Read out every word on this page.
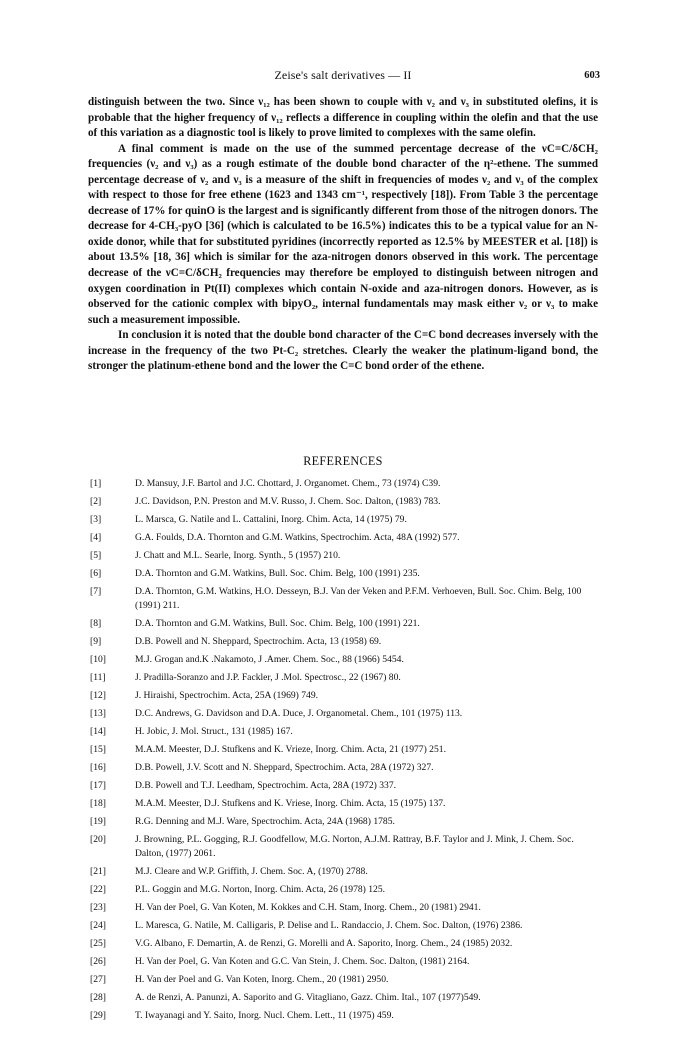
Zeise's salt derivatives — II	603

distinguish between the two. Since ν₁₂ has been shown to couple with ν₂ and ν₃ in substituted olefins, it is probable that the higher frequency of ν₁₂ reflects a difference in coupling within the olefin and that the use of this variation as a diagnostic tool is likely to prove limited to complexes with the same olefin.

A final comment is made on the use of the summed percentage decrease of the νC=C/δCH₂ frequencies (ν₂ and ν₃) as a rough estimate of the double bond character of the η²-ethene. The summed percentage decrease of ν₂ and ν₃ is a measure of the shift in frequencies of modes ν₂ and ν₃ of the complex with respect to those for free ethene (1623 and 1343 cm⁻¹, respectively [18]). From Table 3 the percentage decrease of 17% for quinO is the largest and is significantly different from those of the nitrogen donors. The decrease for 4-CH₃-pyO [36] (which is calculated to be 16.5%) indicates this to be a typical value for an N-oxide donor, while that for substituted pyridines (incorrectly reported as 12.5% by MEESTER et al. [18]) is about 13.5% [18, 36] which is similar for the aza-nitrogen donors observed in this work. The percentage decrease of the νC=C/δCH₂ frequencies may therefore be employed to distinguish between nitrogen and oxygen coordination in Pt(II) complexes which contain N-oxide and aza-nitrogen donors. However, as is observed for the cationic complex with bipyO₂, internal fundamentals may mask either ν₂ or ν₃ to make such a measurement impossible.

In conclusion it is noted that the double bond character of the C=C bond decreases inversely with the increase in the frequency of the two Pt-C₂ stretches. Clearly the weaker the platinum-ligand bond, the stronger the platinum-ethene bond and the lower the C=C bond order of the ethene.

REFERENCES
[1]	D. Mansuy, J.F. Bartol and J.C. Chottard, J. Organomet. Chem., 73 (1974) C39.
[2]	J.C. Davidson, P.N. Preston and M.V. Russo, J. Chem. Soc. Dalton, (1983) 783.
[3]	L. Marsca, G. Natile and L. Cattalini, Inorg. Chim. Acta, 14 (1975) 79.
[4]	G.A. Foulds, D.A. Thornton and G.M. Watkins, Spectrochim. Acta, 48A (1992) 577.
[5]	J. Chatt and M.L. Searle, Inorg. Synth., 5 (1957) 210.
[6]	D.A. Thornton and G.M. Watkins, Bull. Soc. Chim. Belg, 100 (1991) 235.
[7]	D.A. Thornton, G.M. Watkins, H.O. Desseyn, B.J. Van der Veken and P.F.M. Verhoeven, Bull. Soc. Chim. Belg, 100 (1991) 211.
[8]	D.A. Thornton and G.M. Watkins, Bull. Soc. Chim. Belg, 100 (1991) 221.
[9]	D.B. Powell and N. Sheppard, Spectrochim. Acta, 13 (1958) 69.
[10]	M.J. Grogan and.K .Nakamoto, J .Amer. Chem. Soc., 88 (1966) 5454.
[11]	J. Pradilla-Soranzo and J.P. Fackler, J .Mol. Spectrosc., 22 (1967) 80.
[12]	J. Hiraishi, Spectrochim. Acta, 25A (1969) 749.
[13]	D.C. Andrews, G. Davidson and D.A. Duce, J. Organometal. Chem., 101 (1975) 113.
[14]	H. Jobic, J. Mol. Struct., 131 (1985) 167.
[15]	M.A.M. Meester, D.J. Stufkens and K. Vrieze, Inorg. Chim. Acta, 21 (1977) 251.
[16]	D.B. Powell, J.V. Scott and N. Sheppard, Spectrochim. Acta, 28A (1972) 327.
[17]	D.B. Powell and T.J. Leedham, Spectrochim. Acta, 28A (1972) 337.
[18]	M.A.M. Meester, D.J. Stufkens and K. Vriese, Inorg. Chim. Acta, 15 (1975) 137.
[19]	R.G. Denning and M.J. Ware, Spectrochim. Acta, 24A (1968) 1785.
[20]	J. Browning, P.L. Gogging, R.J. Goodfellow, M.G. Norton, A.J.M. Rattray, B.F. Taylor and J. Mink, J. Chem. Soc. Dalton, (1977) 2061.
[21]	M.J. Cleare and W.P. Griffith, J. Chem. Soc. A, (1970) 2788.
[22]	P.L. Goggin and M.G. Norton, Inorg. Chim. Acta, 26 (1978) 125.
[23]	H. Van der Poel, G. Van Koten, M. Kokkes and C.H. Stam, Inorg. Chem., 20 (1981) 2941.
[24]	L. Maresca, G. Natile, M. Calligaris, P. Delise and L. Randaccio, J. Chem. Soc. Dalton, (1976) 2386.
[25]	V.G. Albano, F. Demartin, A. de Renzi, G. Morelli and A. Saporito, Inorg. Chem., 24 (1985) 2032.
[26]	H. Van der Poel, G. Van Koten and G.C. Van Stein, J. Chem. Soc. Dalton, (1981) 2164.
[27]	H. Van der Poel and G. Van Koten, Inorg. Chem., 20 (1981) 2950.
[28]	A. de Renzi, A. Panunzi, A. Saporito and G. Vitagliano, Gazz. Chim. Ital., 107 (1977)549.
[29]	T. Iwayanagi and Y. Saito, Inorg. Nucl. Chem. Lett., 11 (1975) 459.
